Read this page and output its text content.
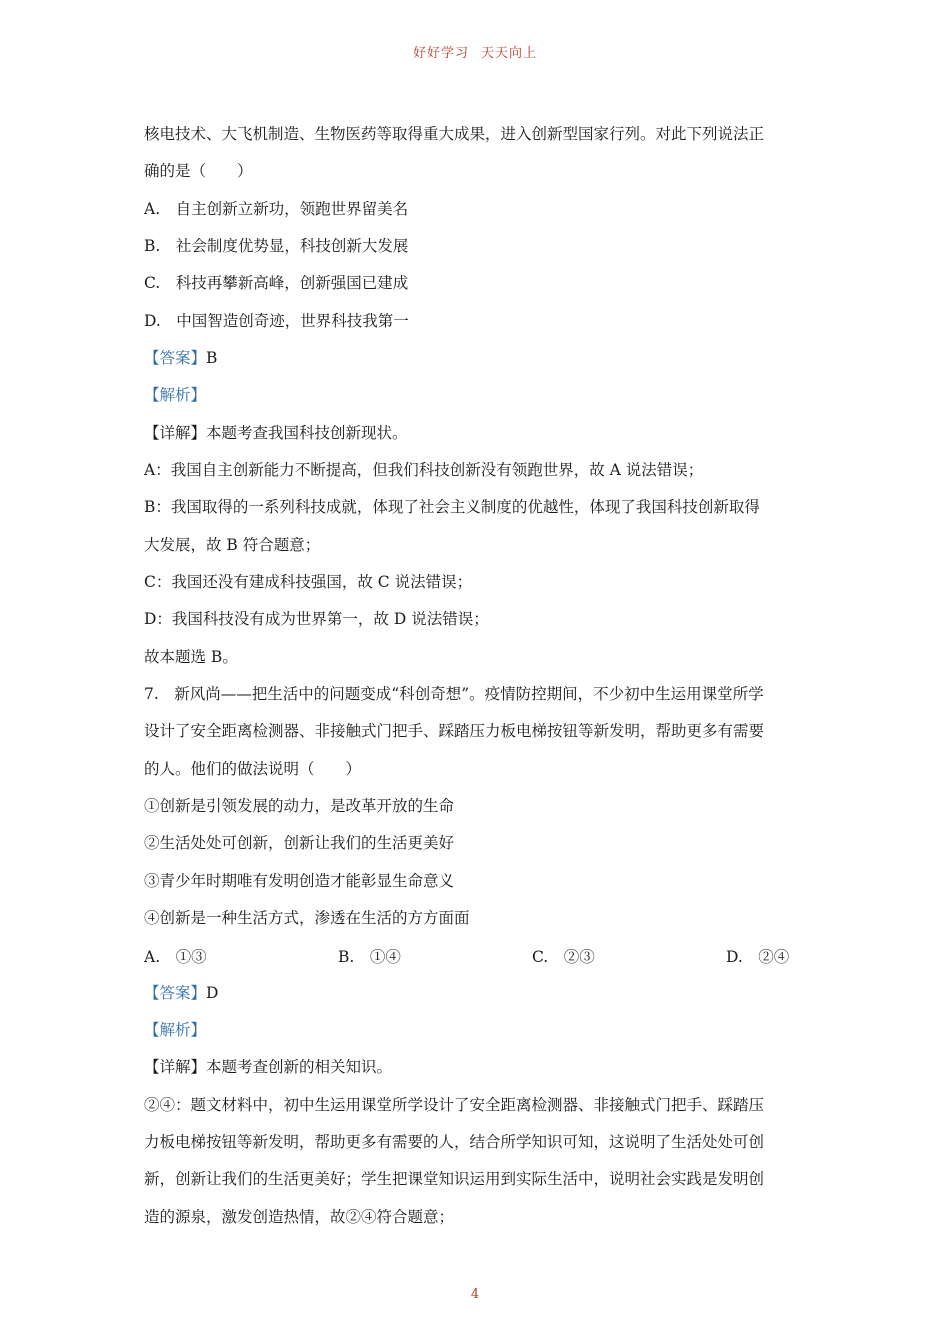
好好学习 天天向上
核电技术、大飞机制造、生物医药等取得重大成果，进入创新型国家行列。对此下列说法正
确的是（　　）
A.　自主创新立新功，领跑世界留美名
B.　社会制度优势显，科技创新大发展
C.　科技再攀新高峰，创新强国已建成
D.　中国智造创奇迹，世界科技我第一
【答案】B
【解析】
【详解】本题考查我国科技创新现状。
A：我国自主创新能力不断提高，但我们科技创新没有领跑世界，故 A 说法错误；
B：我国取得的一系列科技成就，体现了社会主义制度的优越性，体现了我国科技创新取得
大发展，故 B 符合题意；
C：我国还没有建成科技强国，故 C 说法错误；
D：我国科技没有成为世界第一，故 D 说法错误；
故本题选 B。
7.　新风尚——把生活中的问题变成“科创奇想”。疫情防控期间，不少初中生运用课堂所学
设计了安全距离检测器、非接触式门把手、踩踏压力板电梯按钮等新发明，帮助更多有需要
的人。他们的做法说明（　　）
①创新是引领发展的动力，是改革开放的生命
②生活处处可创新，创新让我们的生活更美好
③青少年时期唯有发明创造才能彰显生命意义
④创新是一种生活方式，渗透在生活的方方面面
A.　①③	B.　①④	C.　②③	D.　②④
【答案】D
【解析】
【详解】本题考查创新的相关知识。
②④：题文材料中，初中生运用课堂所学设计了安全距离检测器、非接触式门把手、踩踏压
力板电梯按钮等新发明，帮助更多有需要的人，结合所学知识可知，这说明了生活处处可创
新，创新让我们的生活更美好；学生把课堂知识运用到实际生活中，说明社会实践是发明创
造的源泉，激发创造热情，故②④符合题意；
4
